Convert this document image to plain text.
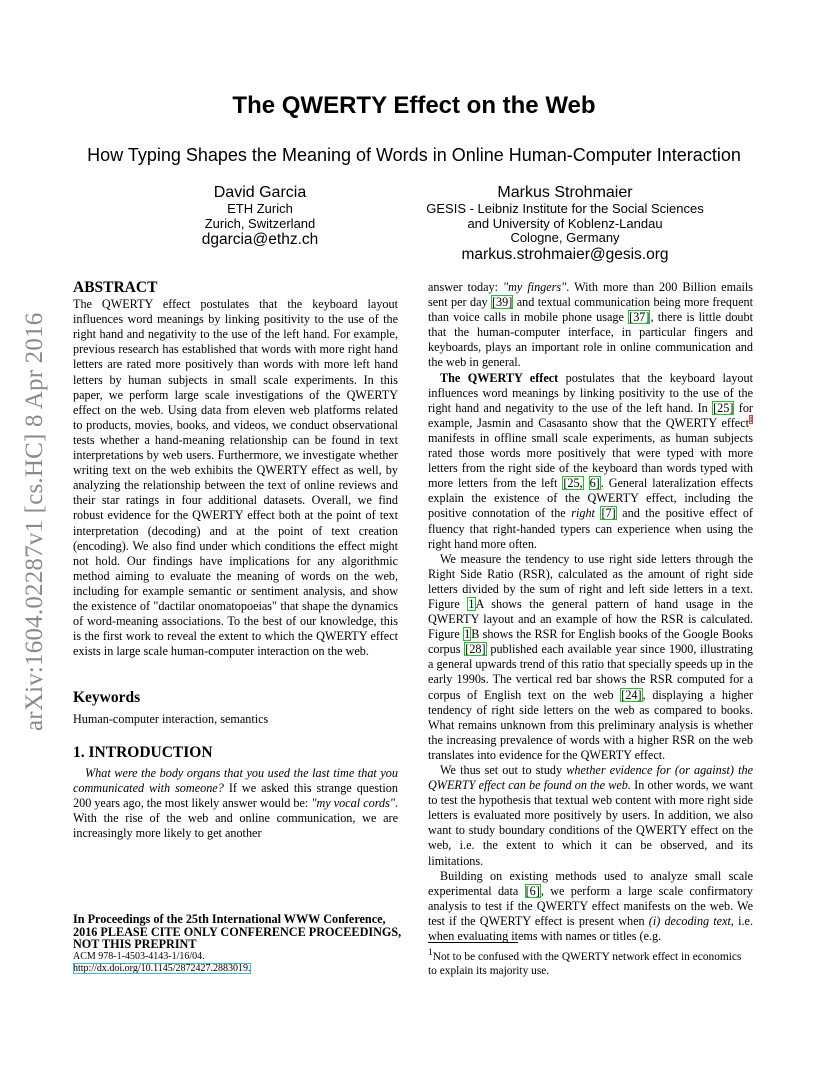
arXiv:1604.02287v1 [cs.HC] 8 Apr 2016
The QWERTY Effect on the Web
How Typing Shapes the Meaning of Words in Online Human-Computer Interaction
David Garcia
ETH Zurich
Zurich, Switzerland
dgarcia@ethz.ch
Markus Strohmaier
GESIS - Leibniz Institute for the Social Sciences
and University of Koblenz-Landau
Cologne, Germany
markus.strohmaier@gesis.org
ABSTRACT

The QWERTY effect postulates that the keyboard layout influences word meanings by linking positivity to the use of the right hand and negativity to the use of the left hand. For example, previous research has established that words with more right hand letters are rated more positively than words with more left hand letters by human subjects in small scale experiments. In this paper, we perform large scale investigations of the QWERTY effect on the web. Using data from eleven web platforms related to products, movies, books, and videos, we conduct observational tests whether a hand-meaning relationship can be found in text interpretations by web users. Furthermore, we investigate whether writing text on the web exhibits the QWERTY effect as well, by analyzing the relationship between the text of online reviews and their star ratings in four additional datasets. Overall, we find robust evidence for the QWERTY effect both at the point of text interpretation (decoding) and at the point of text creation (encoding). We also find under which conditions the effect might not hold. Our findings have implications for any algorithmic method aiming to evaluate the meaning of words on the web, including for example semantic or sentiment analysis, and show the existence of "dactilar onomatopoeias" that shape the dynamics of word-meaning associations. To the best of our knowledge, this is the first work to reveal the extent to which the QWERTY effect exists in large scale human-computer interaction on the web.

Keywords
Human-computer interaction, semantics
1. INTRODUCTION

What were the body organs that you used the last time that you communicated with someone? If we asked this strange question 200 years ago, the most likely answer would be: "my vocal cords". With the rise of the web and online communication, we are increasingly more likely to get another

In Proceedings of the 25th International WWW Conference, 2016 PLEASE CITE ONLY CONFERENCE PROCEEDINGS, NOT THIS PREPRINT
ACM 978-1-4503-4143-1/16/04.
http://dx.doi.org/10.1145/2872427.2883019.

answer today: "my fingers". With more than 200 Billion emails sent per day [39] and textual communication being more frequent than voice calls in mobile phone usage [37], there is little doubt that the human-computer interface, in particular fingers and keyboards, plays an important role in online communication and the web in general.

The QWERTY effect postulates that the keyboard layout influences word meanings by linking positivity to the use of the right hand and negativity to the use of the left hand. In [25] for example, Jasmin and Casasanto show that the QWERTY effect$^1$ manifests in offline small scale experiments, as human subjects rated those words more positively that were typed with more letters from the right side of the keyboard than words typed with more letters from the left [25, 6]. General lateralization effects explain the existence of the QWERTY effect, including the positive connotation of the right [7] and the positive effect of fluency that right-handed typers can experience when using the right hand more often.

We measure the tendency to use right side letters through the Right Side Ratio (RSR), calculated as the amount of right side letters divided by the sum of right and left side letters in a text. Figure 1A shows the general pattern of hand usage in the QWERTY layout and an example of how the RSR is calculated. Figure 1B shows the RSR for English books of the Google Books corpus [28] published each available year since 1900, illustrating a general upwards trend of this ratio that specially speeds up in the early 1990s. The vertical red bar shows the RSR computed for a corpus of English text on the web [24], displaying a higher tendency of right side letters on the web as compared to books. What remains unknown from this preliminary analysis is whether the increasing prevalence of words with a higher RSR on the web translates into evidence for the QWERTY effect.

We thus set out to study whether evidence for (or against) the QWERTY effect can be found on the web. In other words, we want to test the hypothesis that textual web content with more right side letters is evaluated more positively by users. In addition, we also want to study boundary conditions of the QWERTY effect on the web, i.e. the extent to which it can be observed, and its limitations.

Building on existing methods used to analyze small scale experimental data [6], we perform a large scale confirmatory analysis to test if the QWERTY effect manifests on the web. We test if the QWERTY effect is present when (i) decoding text, i.e. when evaluating items with names or titles (e.g.

$^1$Not to be confused with the QWERTY network effect in economics to explain its majority use.
